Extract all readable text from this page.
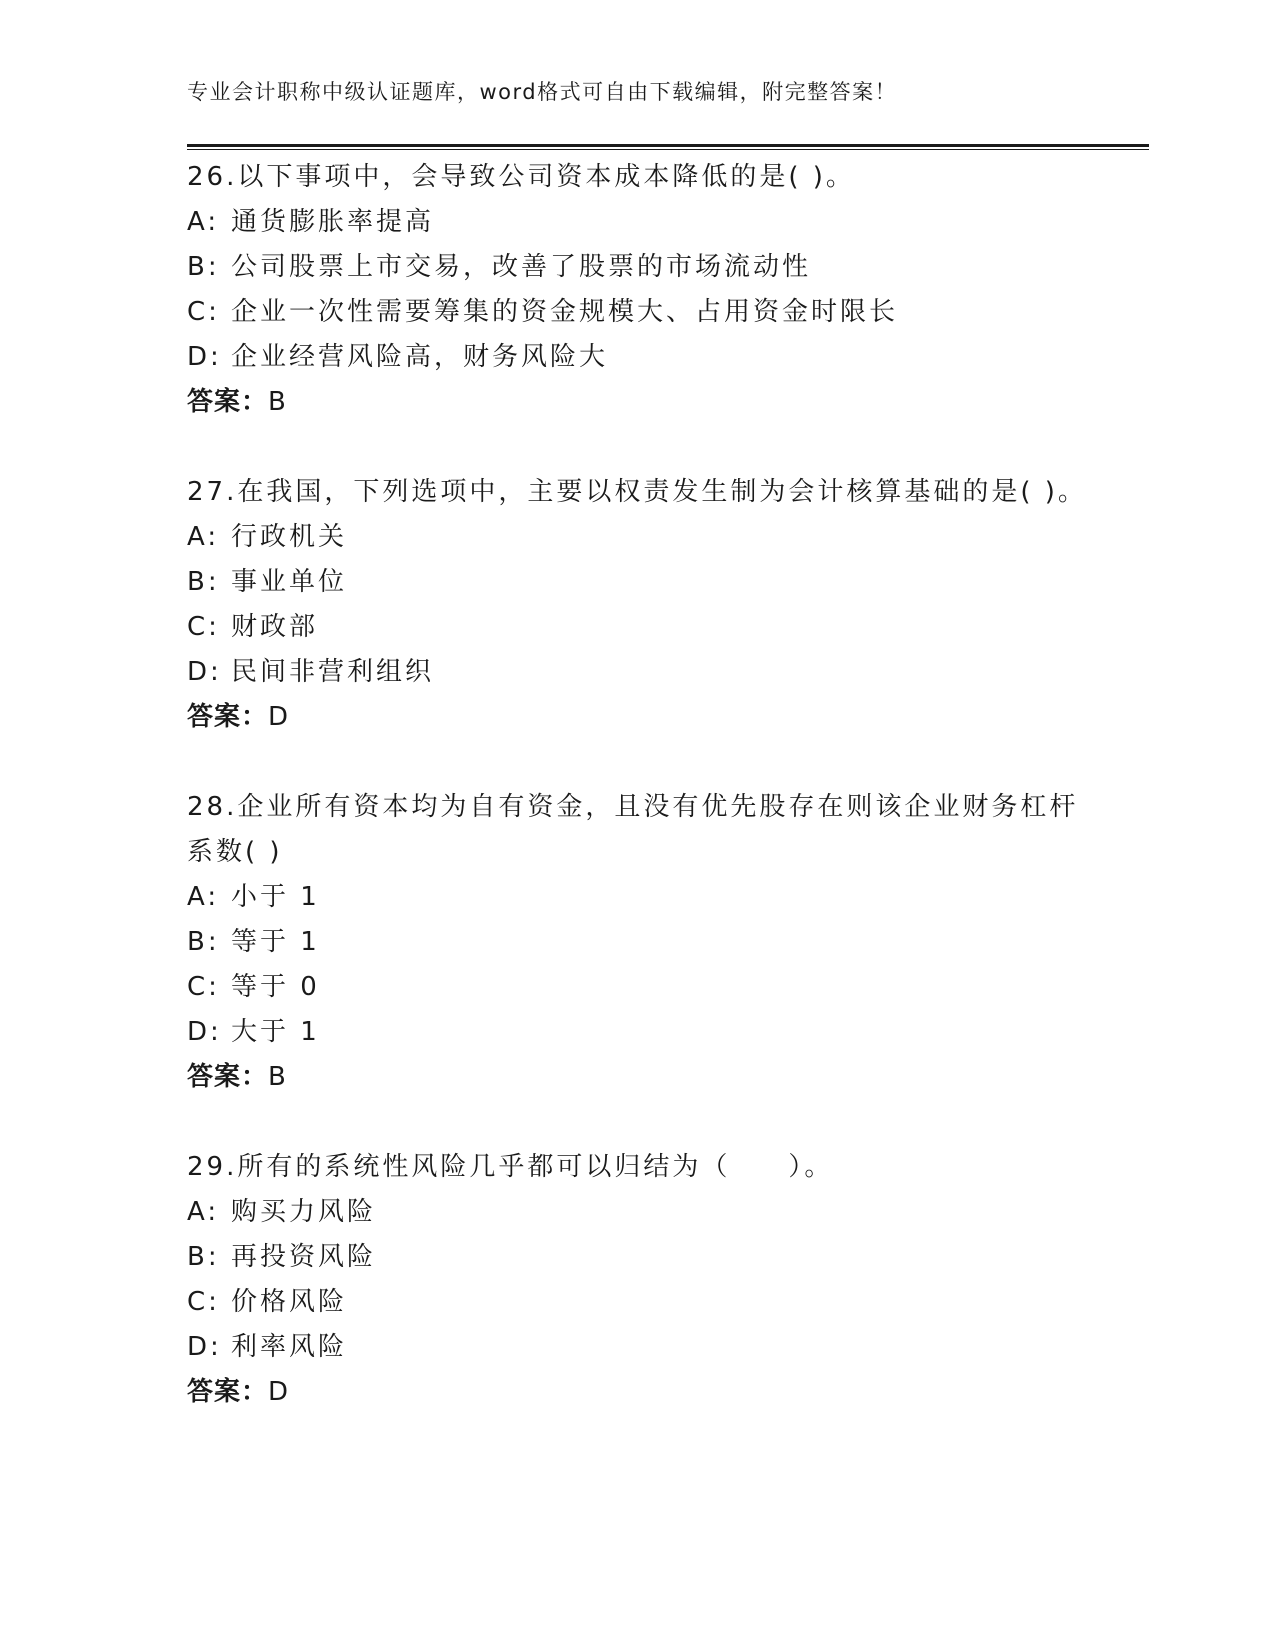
专业会计职称中级认证题库，word格式可自由下载编辑，附完整答案！

26.以下事项中，会导致公司资本成本降低的是( )。

A: 通货膨胀率提高

B: 公司股票上市交易，改善了股票的市场流动性

C: 企业一次性需要筹集的资金规模大、占用资金时限长

D: 企业经营风险高，财务风险大

答案：B

27.在我国，下列选项中，主要以权责发生制为会计核算基础的是( )。

A: 行政机关

B: 事业单位

C: 财政部

D: 民间非营利组织

答案：D

28.企业所有资本均为自有资金，且没有优先股存在则该企业财务杠杆系数( )

A: 小于 1

B: 等于 1

C: 等于 0

D: 大于 1

答案：B

29.所有的系统性风险几乎都可以归结为（　　）。

A: 购买力风险

B: 再投资风险

C: 价格风险

D: 利率风险

答案：D
